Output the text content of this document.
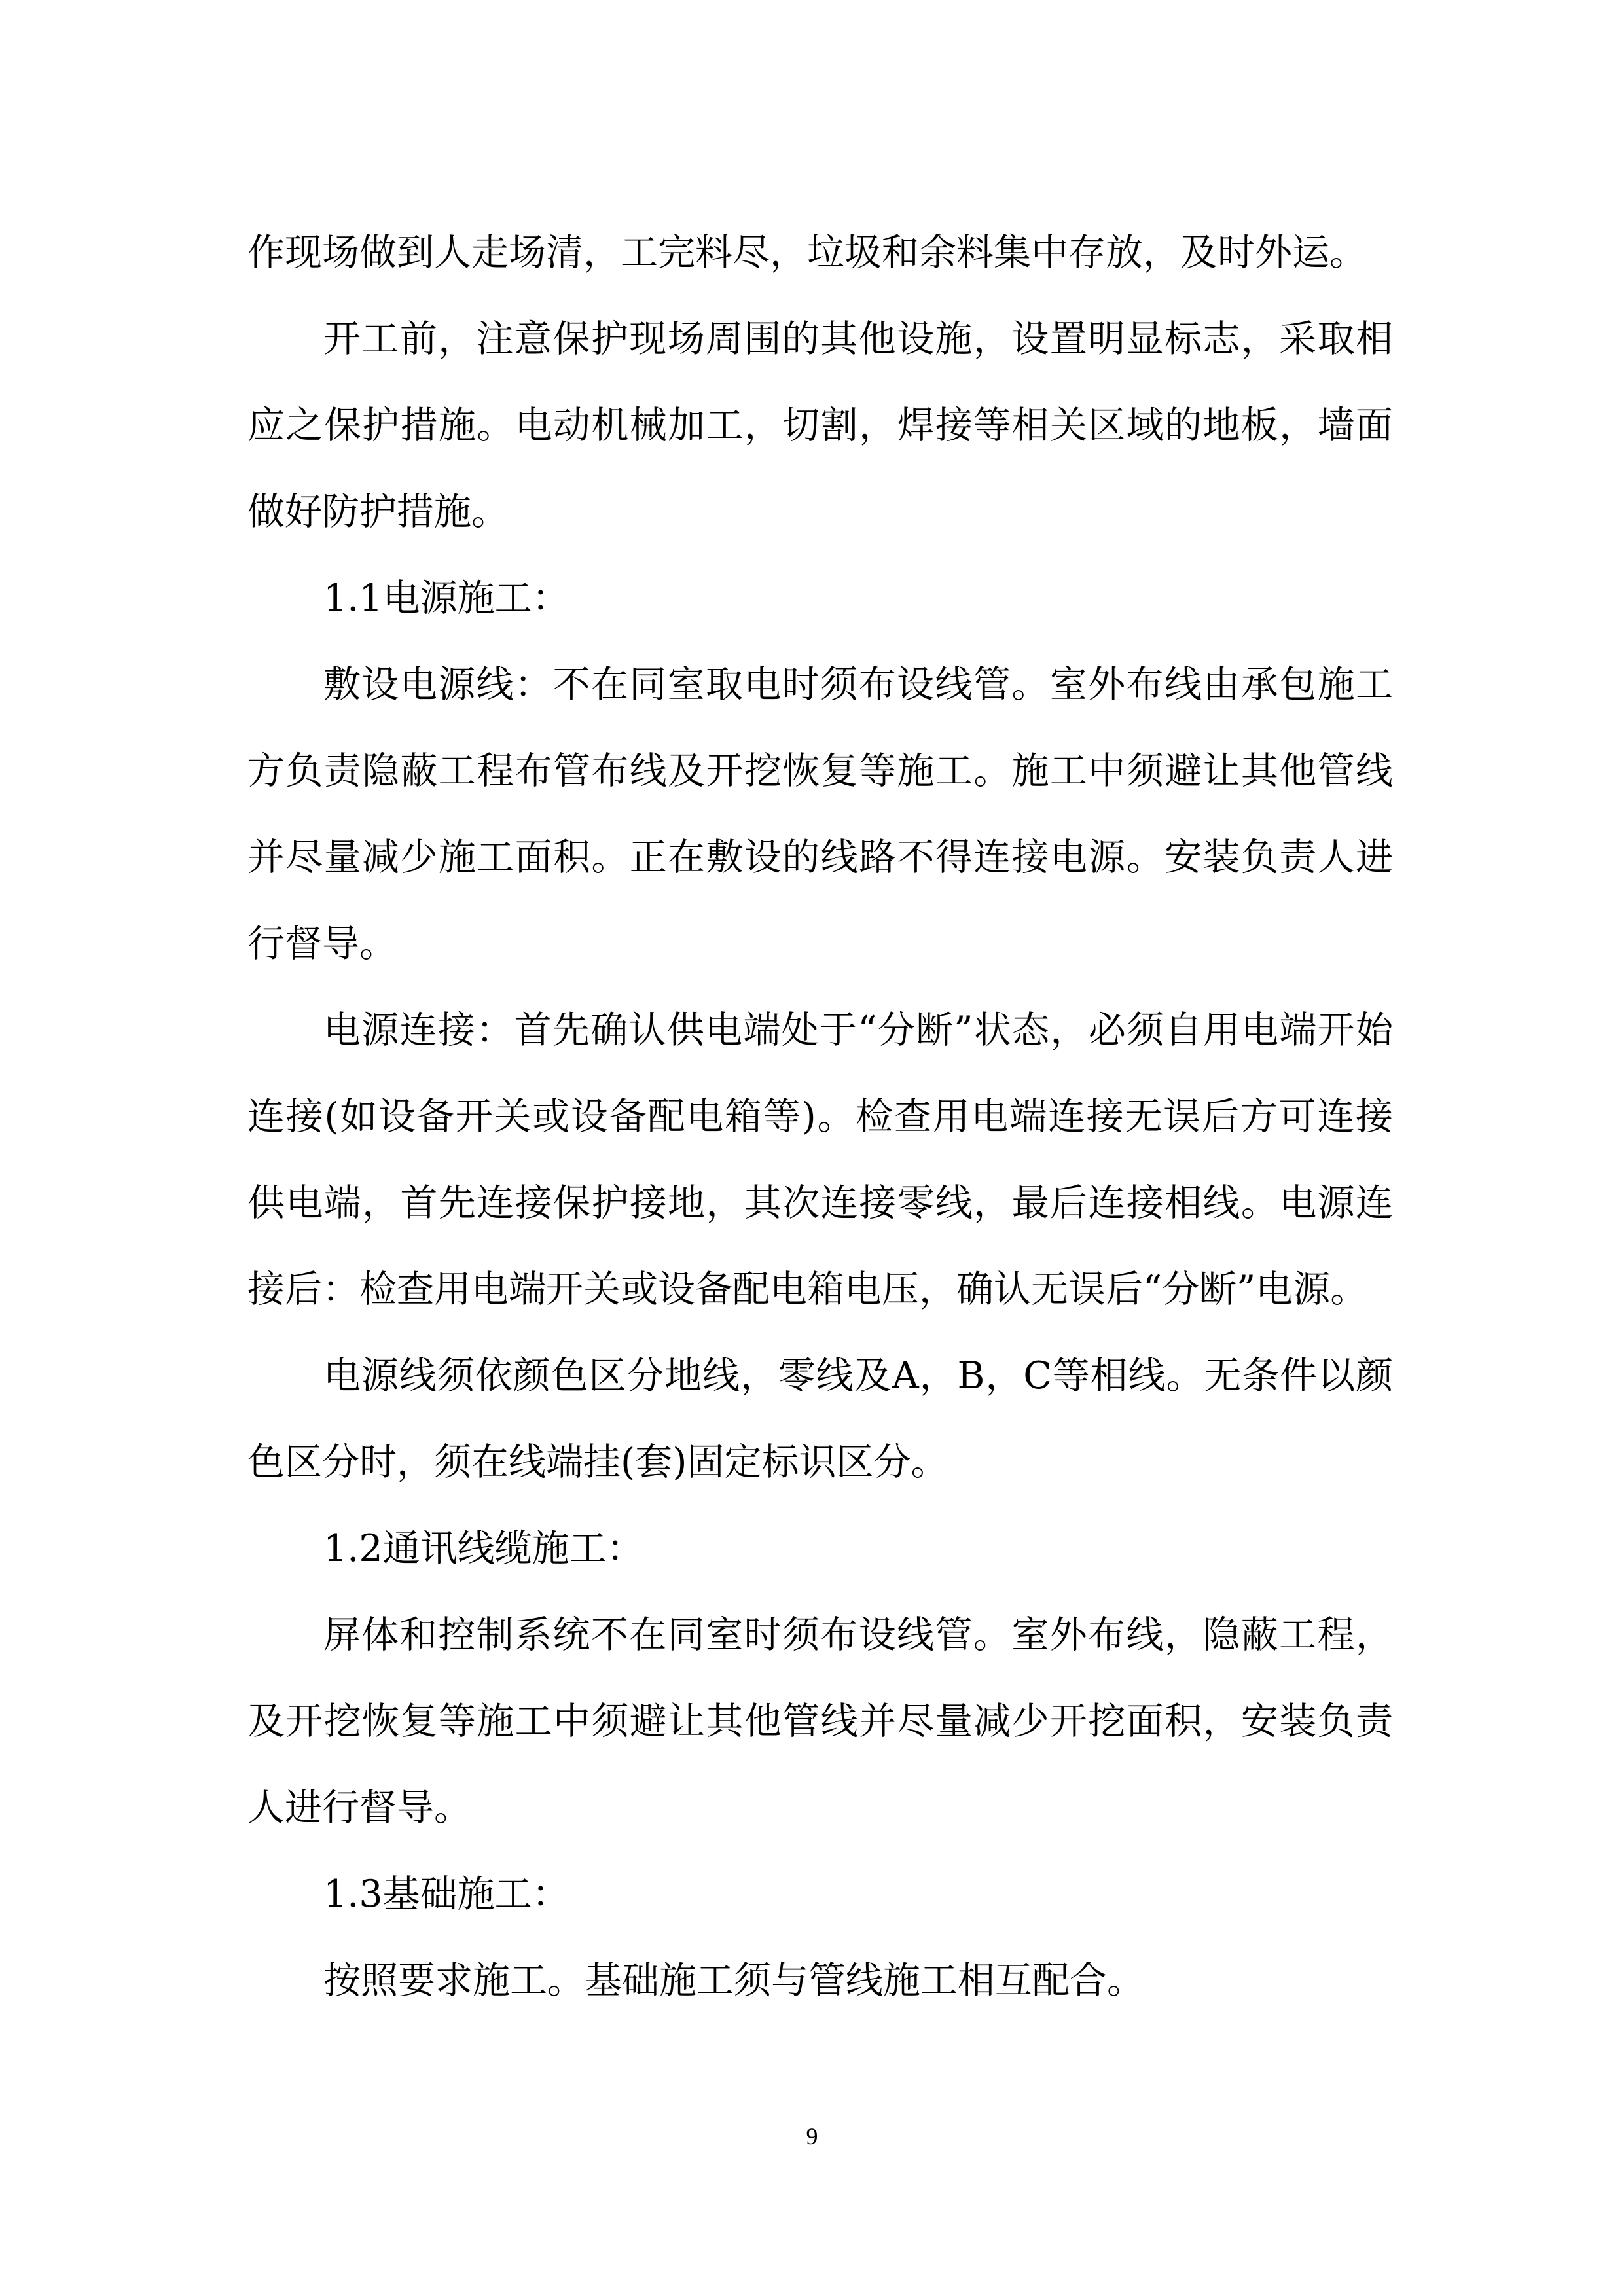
作现场做到人走场清，工完料尽，垃圾和余料集中存放，及时外运。

开工前，注意保护现场周围的其他设施，设置明显标志，采取相应之保护措施。电动机械加工，切割，焊接等相关区域的地板，墙面做好防护措施。

1.1电源施工：

敷设电源线：不在同室取电时须布设线管。室外布线由承包施工方负责隐蔽工程布管布线及开挖恢复等施工。施工中须避让其他管线并尽量减少施工面积。正在敷设的线路不得连接电源。安装负责人进行督导。

电源连接：首先确认供电端处于“分断”状态，必须自用电端开始连接(如设备开关或设备配电箱等)。检查用电端连接无误后方可连接供电端，首先连接保护接地，其次连接零线，最后连接相线。电源连接后：检查用电端开关或设备配电箱电压，确认无误后“分断”电源。

电源线须依颜色区分地线，零线及A，B，C等相线。无条件以颜色区分时，须在线端挂(套)固定标识区分。

1.2通讯线缆施工：

屏体和控制系统不在同室时须布设线管。室外布线，隐蔽工程，及开挖恢复等施工中须避让其他管线并尽量减少开挖面积，安装负责人进行督导。

1.3基础施工：

按照要求施工。基础施工须与管线施工相互配合。

9
